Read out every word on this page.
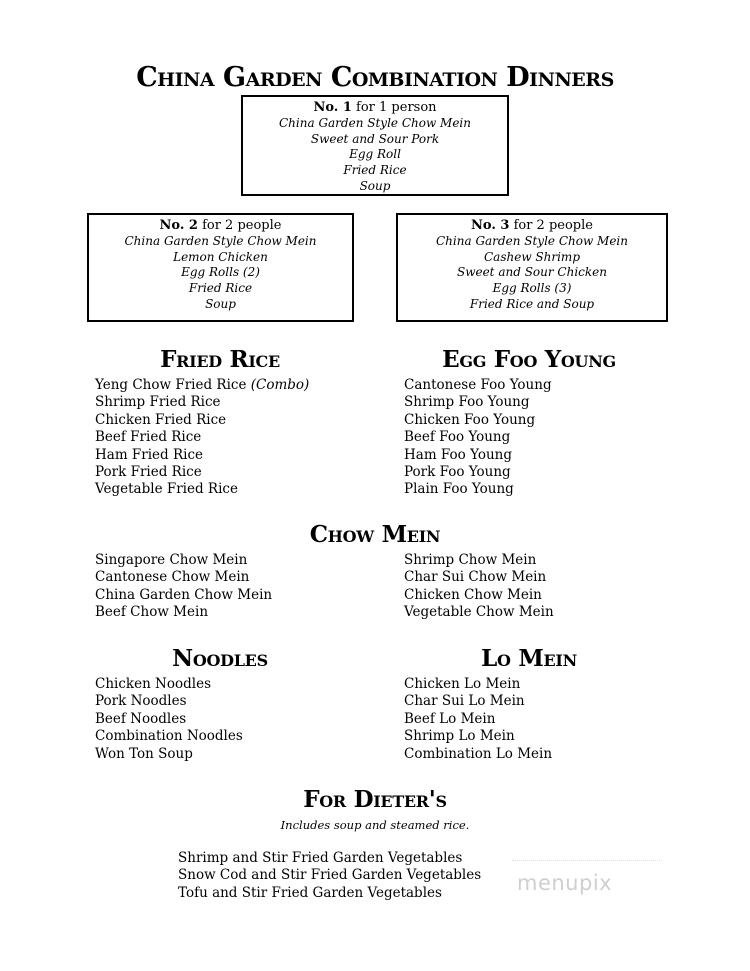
China Garden Combination Dinners
No. 1 for 1 person
China Garden Style Chow Mein
Sweet and Sour Pork
Egg Roll
Fried Rice
Soup
No. 2 for 2 people
China Garden Style Chow Mein
Lemon Chicken
Egg Rolls (2)
Fried Rice
Soup
No. 3 for 2 people
China Garden Style Chow Mein
Cashew Shrimp
Sweet and Sour Chicken
Egg Rolls (3)
Fried Rice and Soup
Fried Rice
Yeng Chow Fried Rice (Combo)
Shrimp Fried Rice
Chicken Fried Rice
Beef Fried Rice
Ham Fried Rice
Pork Fried Rice
Vegetable Fried Rice
Egg Foo Young
Cantonese Foo Young
Shrimp Foo Young
Chicken Foo Young
Beef Foo Young
Ham Foo Young
Pork Foo Young
Plain Foo Young
Chow Mein
Singapore Chow Mein
Cantonese Chow Mein
China Garden Chow Mein
Beef Chow Mein
Shrimp Chow Mein
Char Sui Chow Mein
Chicken Chow Mein
Vegetable Chow Mein
Noodles
Chicken Noodles
Pork Noodles
Beef Noodles
Combination Noodles
Won Ton Soup
Lo Mein
Chicken Lo Mein
Char Sui Lo Mein
Beef Lo Mein
Shrimp Lo Mein
Combination Lo Mein
For Dieter's
Includes soup and steamed rice.
Shrimp and Stir Fried Garden Vegetables
Snow Cod and Stir Fried Garden Vegetables
Tofu and Stir Fried Garden Vegetables	menupix
